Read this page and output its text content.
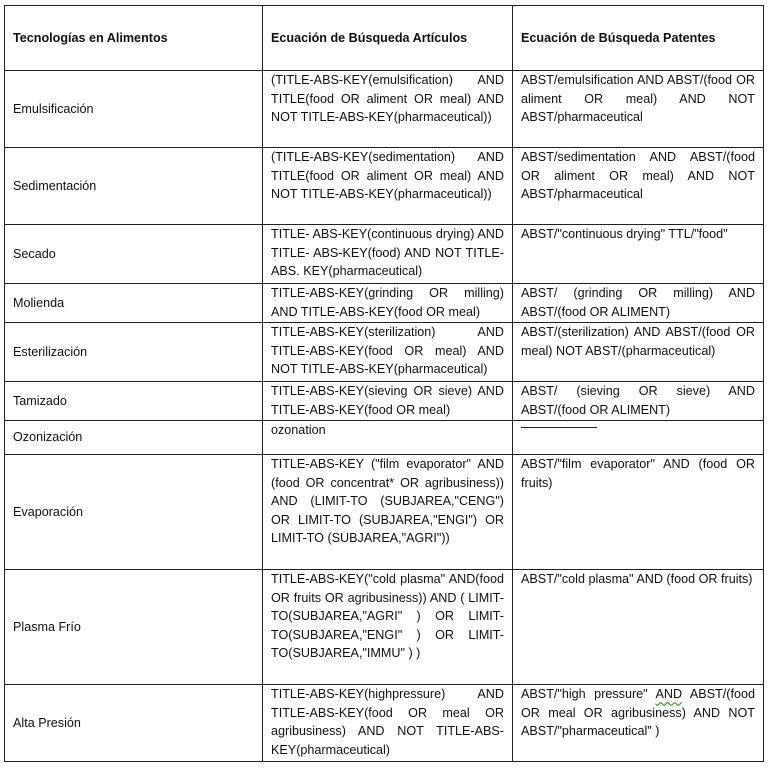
Tecnologías en Alimentos	Ecuación de Búsqueda Artículos	Ecuación de Búsqueda Patentes
Emulsificación	(TITLE-ABS-KEY(emulsification) AND TITLE(food OR aliment OR meal) AND NOT TITLE-ABS-KEY(pharmaceutical))	ABST/emulsification AND ABST/(food OR aliment OR meal) AND NOT ABST/pharmaceutical
Sedimentación	(TITLE-ABS-KEY(sedimentation) AND TITLE(food OR aliment OR meal) AND NOT TITLE-ABS-KEY(pharmaceutical))	ABST/sedimentation AND ABST/(food OR aliment OR meal) AND NOT ABST/pharmaceutical
Secado	TITLE- ABS-KEY(continuous drying) AND TITLE- ABS-KEY(food) AND NOT TITLE- ABS. KEY(pharmaceutical)	ABST/"continuous drying" TTL/"food"
Molienda	TITLE-ABS-KEY(grinding OR milling) AND TITLE-ABS-KEY(food OR meal)	ABST/ (grinding OR milling) AND ABST/(food OR ALIMENT)
Esterilización	TITLE-ABS-KEY(sterilization) AND TITLE-ABS-KEY(food OR meal) AND NOT TITLE-ABS-KEY(pharmaceutical)	ABST/(sterilization) AND ABST/(food OR meal) NOT ABST/(pharmaceutical)
Tamizado	TITLE-ABS-KEY(sieving OR sieve) AND TITLE-ABS-KEY(food OR meal)	ABST/ (sieving OR sieve) AND ABST/(food OR ALIMENT)
Ozonización	ozonation	

Evaporación	TITLE-ABS-KEY ("film evaporator" AND (food OR concentrat* OR agribusiness)) AND (LIMIT-TO (SUBJAREA,"CENG") OR LIMIT-TO (SUBJAREA,"ENGI") OR LIMIT-TO (SUBJAREA,"AGRI"))	ABST/"film evaporator" AND (food OR fruits)
Plasma Frío	TITLE-ABS-KEY("cold plasma" AND(food OR fruits OR agribusiness)) AND ( LIMIT-TO(SUBJAREA,"AGRI" ) OR LIMIT-TO(SUBJAREA,"ENGI" ) OR LIMIT-TO(SUBJAREA,"IMMU" ) )	ABST/"cold plasma" AND (food OR fruits)
Alta Presión	TITLE-ABS-KEY(highpressure) AND TITLE-ABS-KEY(food OR meal OR agribusiness) AND NOT TITLE-ABS-KEY(pharmaceutical)	ABST/"high pressure" AND ABST/(food OR meal OR agribusiness) AND NOT ABST/"pharmaceutical" )
